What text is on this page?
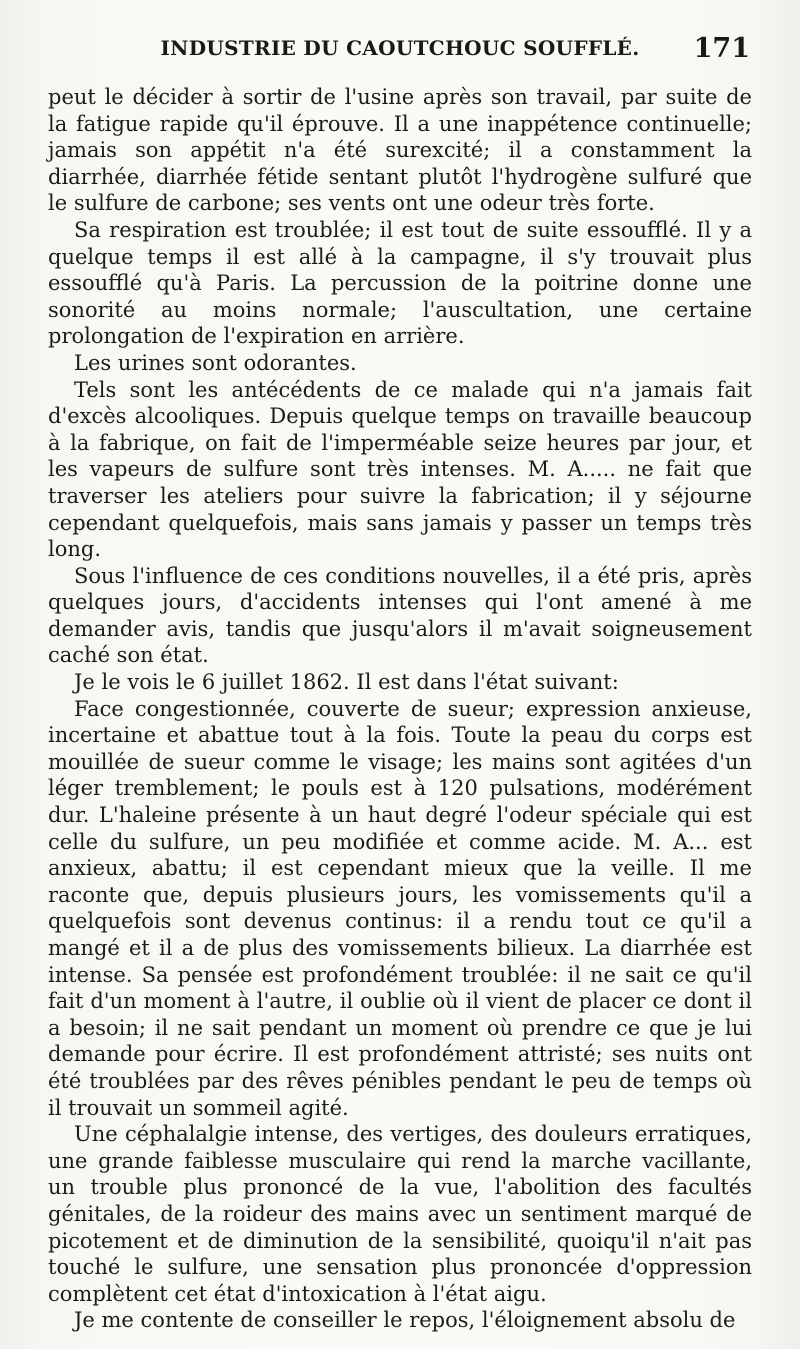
INDUSTRIE DU CAOUTCHOUC SOUFFLÉ.	171

peut le décider à sortir de l'usine après son travail, par suite de la fatigue rapide qu'il éprouve. Il a une inappétence continuelle; jamais son appétit n'a été surexcité; il a constamment la diarrhée, diarrhée fétide sentant plutôt l'hydrogène sulfuré que le sulfure de carbone; ses vents ont une odeur très forte.

Sa respiration est troublée; il est tout de suite essoufflé. Il y a quelque temps il est allé à la campagne, il s'y trouvait plus essoufflé qu'à Paris. La percussion de la poitrine donne une sonorité au moins normale; l'auscultation, une certaine prolongation de l'expiration en arrière.

Les urines sont odorantes.

Tels sont les antécédents de ce malade qui n'a jamais fait d'excès alcooliques. Depuis quelque temps on travaille beaucoup à la fabrique, on fait de l'imperméable seize heures par jour, et les vapeurs de sulfure sont très intenses. M. A..... ne fait que traverser les ateliers pour suivre la fabrication; il y séjourne cependant quelquefois, mais sans jamais y passer un temps très long.

Sous l'influence de ces conditions nouvelles, il a été pris, après quelques jours, d'accidents intenses qui l'ont amené à me demander avis, tandis que jusqu'alors il m'avait soigneusement caché son état.

Je le vois le 6 juillet 1862. Il est dans l'état suivant:

Face congestionnée, couverte de sueur; expression anxieuse, incertaine et abattue tout à la fois. Toute la peau du corps est mouillée de sueur comme le visage; les mains sont agitées d'un léger tremblement; le pouls est à 120 pulsations, modérément dur. L'haleine présente à un haut degré l'odeur spéciale qui est celle du sulfure, un peu modifiée et comme acide. M. A... est anxieux, abattu; il est cependant mieux que la veille. Il me raconte que, depuis plusieurs jours, les vomissements qu'il a quelquefois sont devenus continus: il a rendu tout ce qu'il a mangé et il a de plus des vomissements bilieux. La diarrhée est intense. Sa pensée est profondément troublée: il ne sait ce qu'il fait d'un moment à l'autre, il oublie où il vient de placer ce dont il a besoin; il ne sait pendant un moment où prendre ce que je lui demande pour écrire. Il est profondément attristé; ses nuits ont été troublées par des rêves pénibles pendant le peu de temps où il trouvait un sommeil agité.

Une céphalalgie intense, des vertiges, des douleurs erratiques, une grande faiblesse musculaire qui rend la marche vacillante, un trouble plus prononcé de la vue, l'abolition des facultés génitales, de la roideur des mains avec un sentiment marqué de picotement et de diminution de la sensibilité, quoiqu'il n'ait pas touché le sulfure, une sensation plus prononcée d'oppression complètent cet état d'intoxication à l'état aigu.

Je me contente de conseiller le repos, l'éloignement absolu de
